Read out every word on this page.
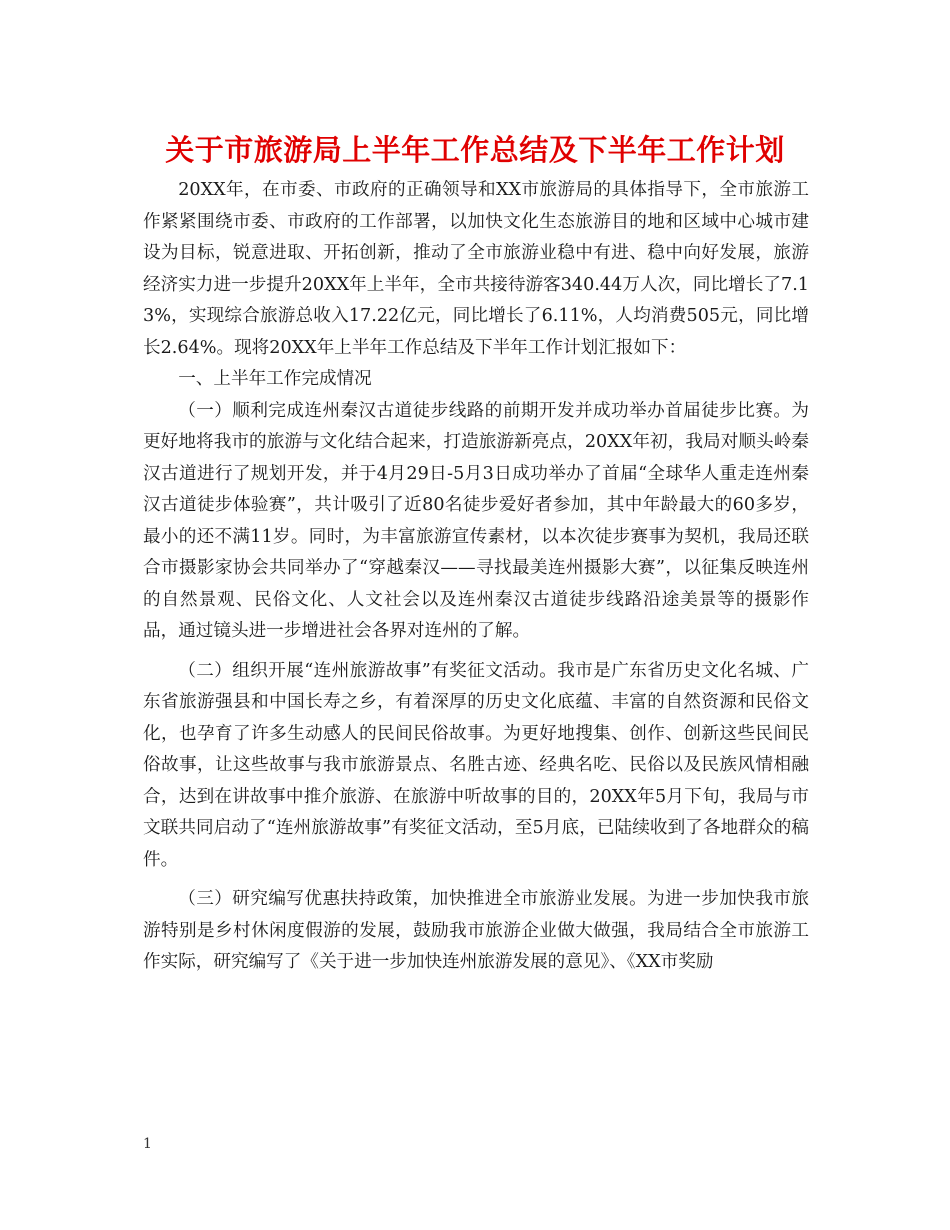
关于市旅游局上半年工作总结及下半年工作计划

20XX年，在市委、市政府的正确领导和XX市旅游局的具体指导下，全市旅游工作紧紧围绕市委、市政府的工作部署，以加快文化生态旅游目的地和区域中心城市建设为目标，锐意进取、开拓创新，推动了全市旅游业稳中有进、稳中向好发展，旅游经济实力进一步提升20XX年上半年，全市共接待游客340.44万人次，同比增长了7.13%，实现综合旅游总收入17.22亿元，同比增长了6.11%，人均消费505元，同比增长2.64%。现将20XX年上半年工作总结及下半年工作计划汇报如下：

一、上半年工作完成情况

（一）顺利完成连州秦汉古道徒步线路的前期开发并成功举办首届徒步比赛。为更好地将我市的旅游与文化结合起来，打造旅游新亮点，20XX年初，我局对顺头岭秦汉古道进行了规划开发，并于4月29日-5月3日成功举办了首届“全球华人重走连州秦汉古道徒步体验赛”，共计吸引了近80名徒步爱好者参加，其中年龄最大的60多岁，最小的还不满11岁。同时，为丰富旅游宣传素材，以本次徒步赛事为契机，我局还联合市摄影家协会共同举办了“穿越秦汉——寻找最美连州摄影大赛”，以征集反映连州的自然景观、民俗文化、人文社会以及连州秦汉古道徒步线路沿途美景等的摄影作品，通过镜头进一步增进社会各界对连州的了解。

（二）组织开展“连州旅游故事”有奖征文活动。我市是广东省历史文化名城、广东省旅游强县和中国长寿之乡，有着深厚的历史文化底蕴、丰富的自然资源和民俗文化，也孕育了许多生动感人的民间民俗故事。为更好地搜集、创作、创新这些民间民俗故事，让这些故事与我市旅游景点、名胜古迹、经典名吃、民俗以及民族风情相融合，达到在讲故事中推介旅游、在旅游中听故事的目的，20XX年5月下旬，我局与市文联共同启动了“连州旅游故事”有奖征文活动，至5月底，已陆续收到了各地群众的稿件。

（三）研究编写优惠扶持政策，加快推进全市旅游业发展。为进一步加快我市旅游特别是乡村休闲度假游的发展，鼓励我市旅游企业做大做强，我局结合全市旅游工作实际，研究编写了《关于进一步加快连州旅游发展的意见》、《XX市奖励

1
